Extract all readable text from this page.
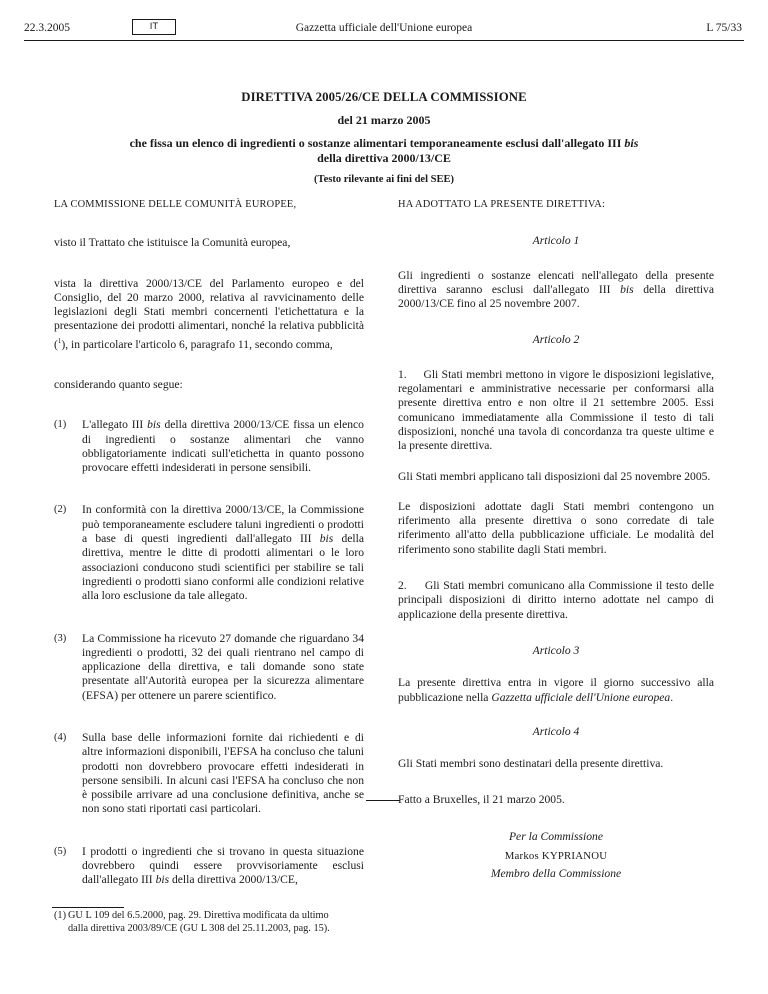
22.3.2005	IT	Gazzetta ufficiale dell'Unione europea	L 75/33

DIRETTIVA 2005/26/CE DELLA COMMISSIONE

del 21 marzo 2005

che fissa un elenco di ingredienti o sostanze alimentari temporaneamente esclusi dall'allegato III bis
della direttiva 2000/13/CE

(Testo rilevante ai fini del SEE)

LA COMMISSIONE DELLE COMUNITÀ EUROPEE,

visto il Trattato che istituisce la Comunità europea,

vista la direttiva 2000/13/CE del Parlamento europeo e del Consiglio, del 20 marzo 2000, relativa al ravvicinamento delle legislazioni degli Stati membri concernenti l'etichettatura e la presentazione dei prodotti alimentari, nonché la relativa pubblicità ($^1$), in particolare l'articolo 6, paragrafo 11, secondo comma,

considerando quanto segue:

(1)	L'allegato III bis della direttiva 2000/13/CE fissa un elenco di ingredienti o sostanze alimentari che vanno obbligatoriamente indicati sull'etichetta in quanto possono provocare effetti indesiderati in persone sensibili.
(2)	In conformità con la direttiva 2000/13/CE, la Commissione può temporaneamente escludere taluni ingredienti o prodotti a base di questi ingredienti dall'allegato III bis della direttiva, mentre le ditte di prodotti alimentari o le loro associazioni conducono studi scientifici per stabilire se tali ingredienti o prodotti siano conformi alle condizioni relative alla loro esclusione da tale allegato.
(3)	La Commissione ha ricevuto 27 domande che riguardano 34 ingredienti o prodotti, 32 dei quali rientrano nel campo di applicazione della direttiva, e tali domande sono state presentate all'Autorità europea per la sicurezza alimentare (EFSA) per ottenere un parere scientifico.
(4)	Sulla base delle informazioni fornite dai richiedenti e di altre informazioni disponibili, l'EFSA ha concluso che taluni prodotti non dovrebbero provocare effetti indesiderati in persone sensibili. In alcuni casi l'EFSA ha concluso che non è possibile arrivare ad una conclusione definitiva, anche se non sono stati riportati casi particolari.
(5)	I prodotti o ingredienti che si trovano in questa situazione dovrebbero quindi essere provvisoriamente esclusi dall'allegato III bis della direttiva 2000/13/CE,

HA ADOTTATO LA PRESENTE DIRETTIVA:

Articolo 1

Gli ingredienti o sostanze elencati nell'allegato della presente direttiva saranno esclusi dall'allegato III bis della direttiva 2000/13/CE fino al 25 novembre 2007.

Articolo 2

1.     Gli Stati membri mettono in vigore le disposizioni legislative, regolamentari e amministrative necessarie per conformarsi alla presente direttiva entro e non oltre il 21 settembre 2005. Essi comunicano immediatamente alla Commissione il testo di tali disposizioni, nonché una tavola di concordanza tra queste ultime e la presente direttiva.

Gli Stati membri applicano tali disposizioni dal 25 novembre 2005.

Le disposizioni adottate dagli Stati membri contengono un riferimento alla presente direttiva o sono corredate di tale riferimento all'atto della pubblicazione ufficiale. Le modalità del riferimento sono stabilite dagli Stati membri.

2.     Gli Stati membri comunicano alla Commissione il testo delle principali disposizioni di diritto interno adottate nel campo di applicazione della presente direttiva.

Articolo 3

La presente direttiva entra in vigore il giorno successivo alla pubblicazione nella Gazzetta ufficiale dell'Unione europea.

Articolo 4

Gli Stati membri sono destinatari della presente direttiva.

Fatto a Bruxelles, il 21 marzo 2005.

Per la Commissione

Markos KYPRIANOU

Membro della Commissione

(1) GU L 109 del 6.5.2000, pag. 29. Direttiva modificata da ultimo
dalla direttiva 2003/89/CE (GU L 308 del 25.11.2003, pag. 15).
